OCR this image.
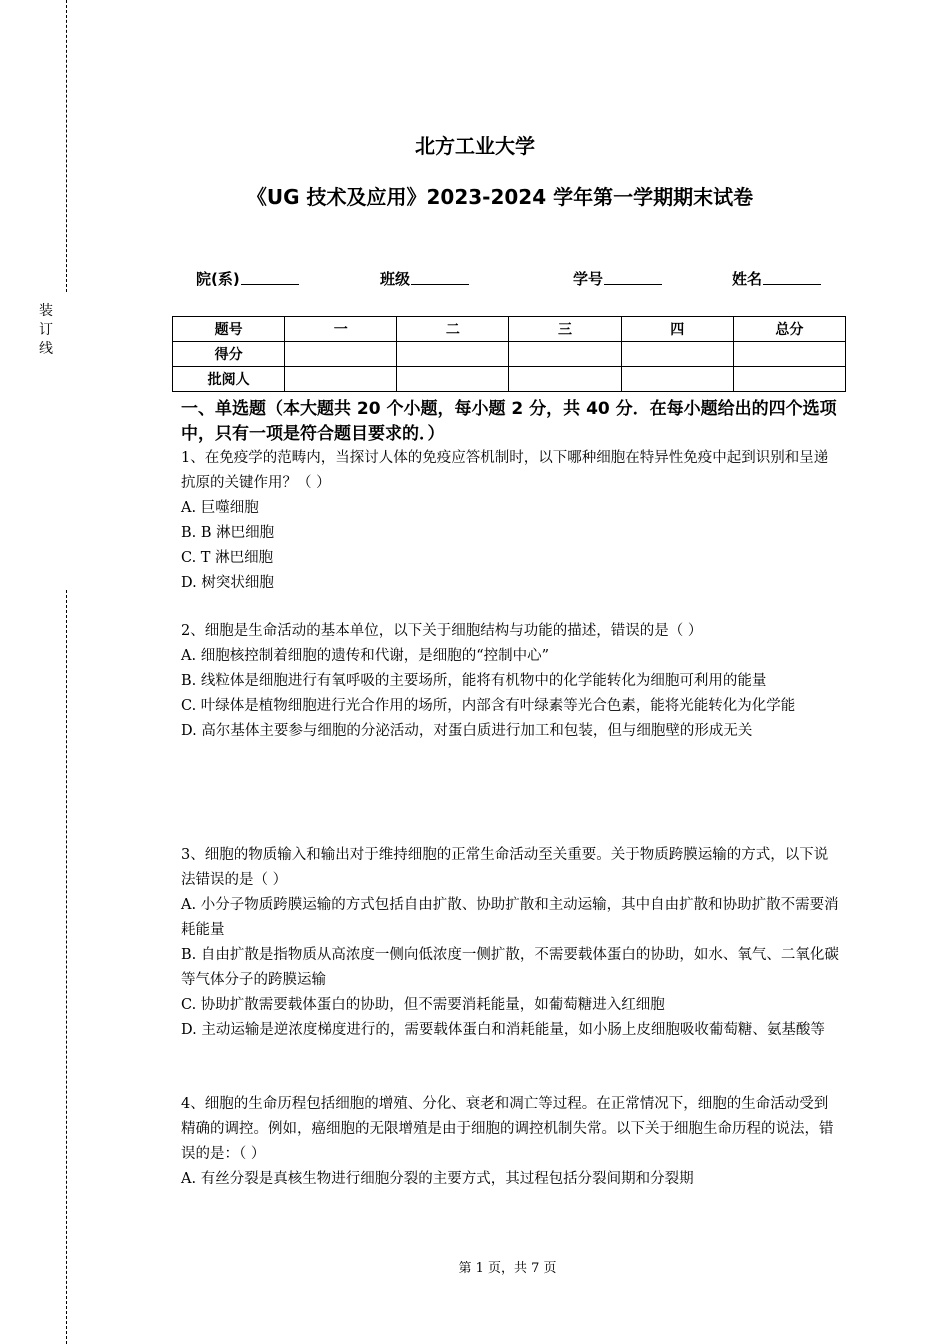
装
订
线
北方工业大学
《UG 技术及应用》2023-2024 学年第一学期期末试卷
院(系)	班级	学号	姓名
题号	一	二	三	四	总分
得分					
批阅人					
一、单选题（本大题共 20 个小题，每小题 2 分，共 40 分．在每小题给出的四个选项中，只有一项是符合题目要求的．）

1、在免疫学的范畴内，当探讨人体的免疫应答机制时，以下哪种细胞在特异性免疫中起到识别和呈递抗原的关键作用？（ ）

A. 巨噬细胞

B. B 淋巴细胞

C. T 淋巴细胞

D. 树突状细胞

2、细胞是生命活动的基本单位，以下关于细胞结构与功能的描述，错误的是（ ）

A. 细胞核控制着细胞的遗传和代谢，是细胞的“控制中心”

B. 线粒体是细胞进行有氧呼吸的主要场所，能将有机物中的化学能转化为细胞可利用的能量

C. 叶绿体是植物细胞进行光合作用的场所，内部含有叶绿素等光合色素，能将光能转化为化学能

D. 高尔基体主要参与细胞的分泌活动，对蛋白质进行加工和包装，但与细胞壁的形成无关

3、细胞的物质输入和输出对于维持细胞的正常生命活动至关重要。关于物质跨膜运输的方式，以下说法错误的是（ ）

A. 小分子物质跨膜运输的方式包括自由扩散、协助扩散和主动运输，其中自由扩散和协助扩散不需要消耗能量

B. 自由扩散是指物质从高浓度一侧向低浓度一侧扩散，不需要载体蛋白的协助，如水、氧气、二氧化碳等气体分子的跨膜运输

C. 协助扩散需要载体蛋白的协助，但不需要消耗能量，如葡萄糖进入红细胞

D. 主动运输是逆浓度梯度进行的，需要载体蛋白和消耗能量，如小肠上皮细胞吸收葡萄糖、氨基酸等

4、细胞的生命历程包括细胞的增殖、分化、衰老和凋亡等过程。在正常情况下，细胞的生命活动受到精确的调控。例如，癌细胞的无限增殖是由于细胞的调控机制失常。以下关于细胞生命历程的说法，错误的是：（ ）

A. 有丝分裂是真核生物进行细胞分裂的主要方式，其过程包括分裂间期和分裂期

第 1 页，共 7 页
